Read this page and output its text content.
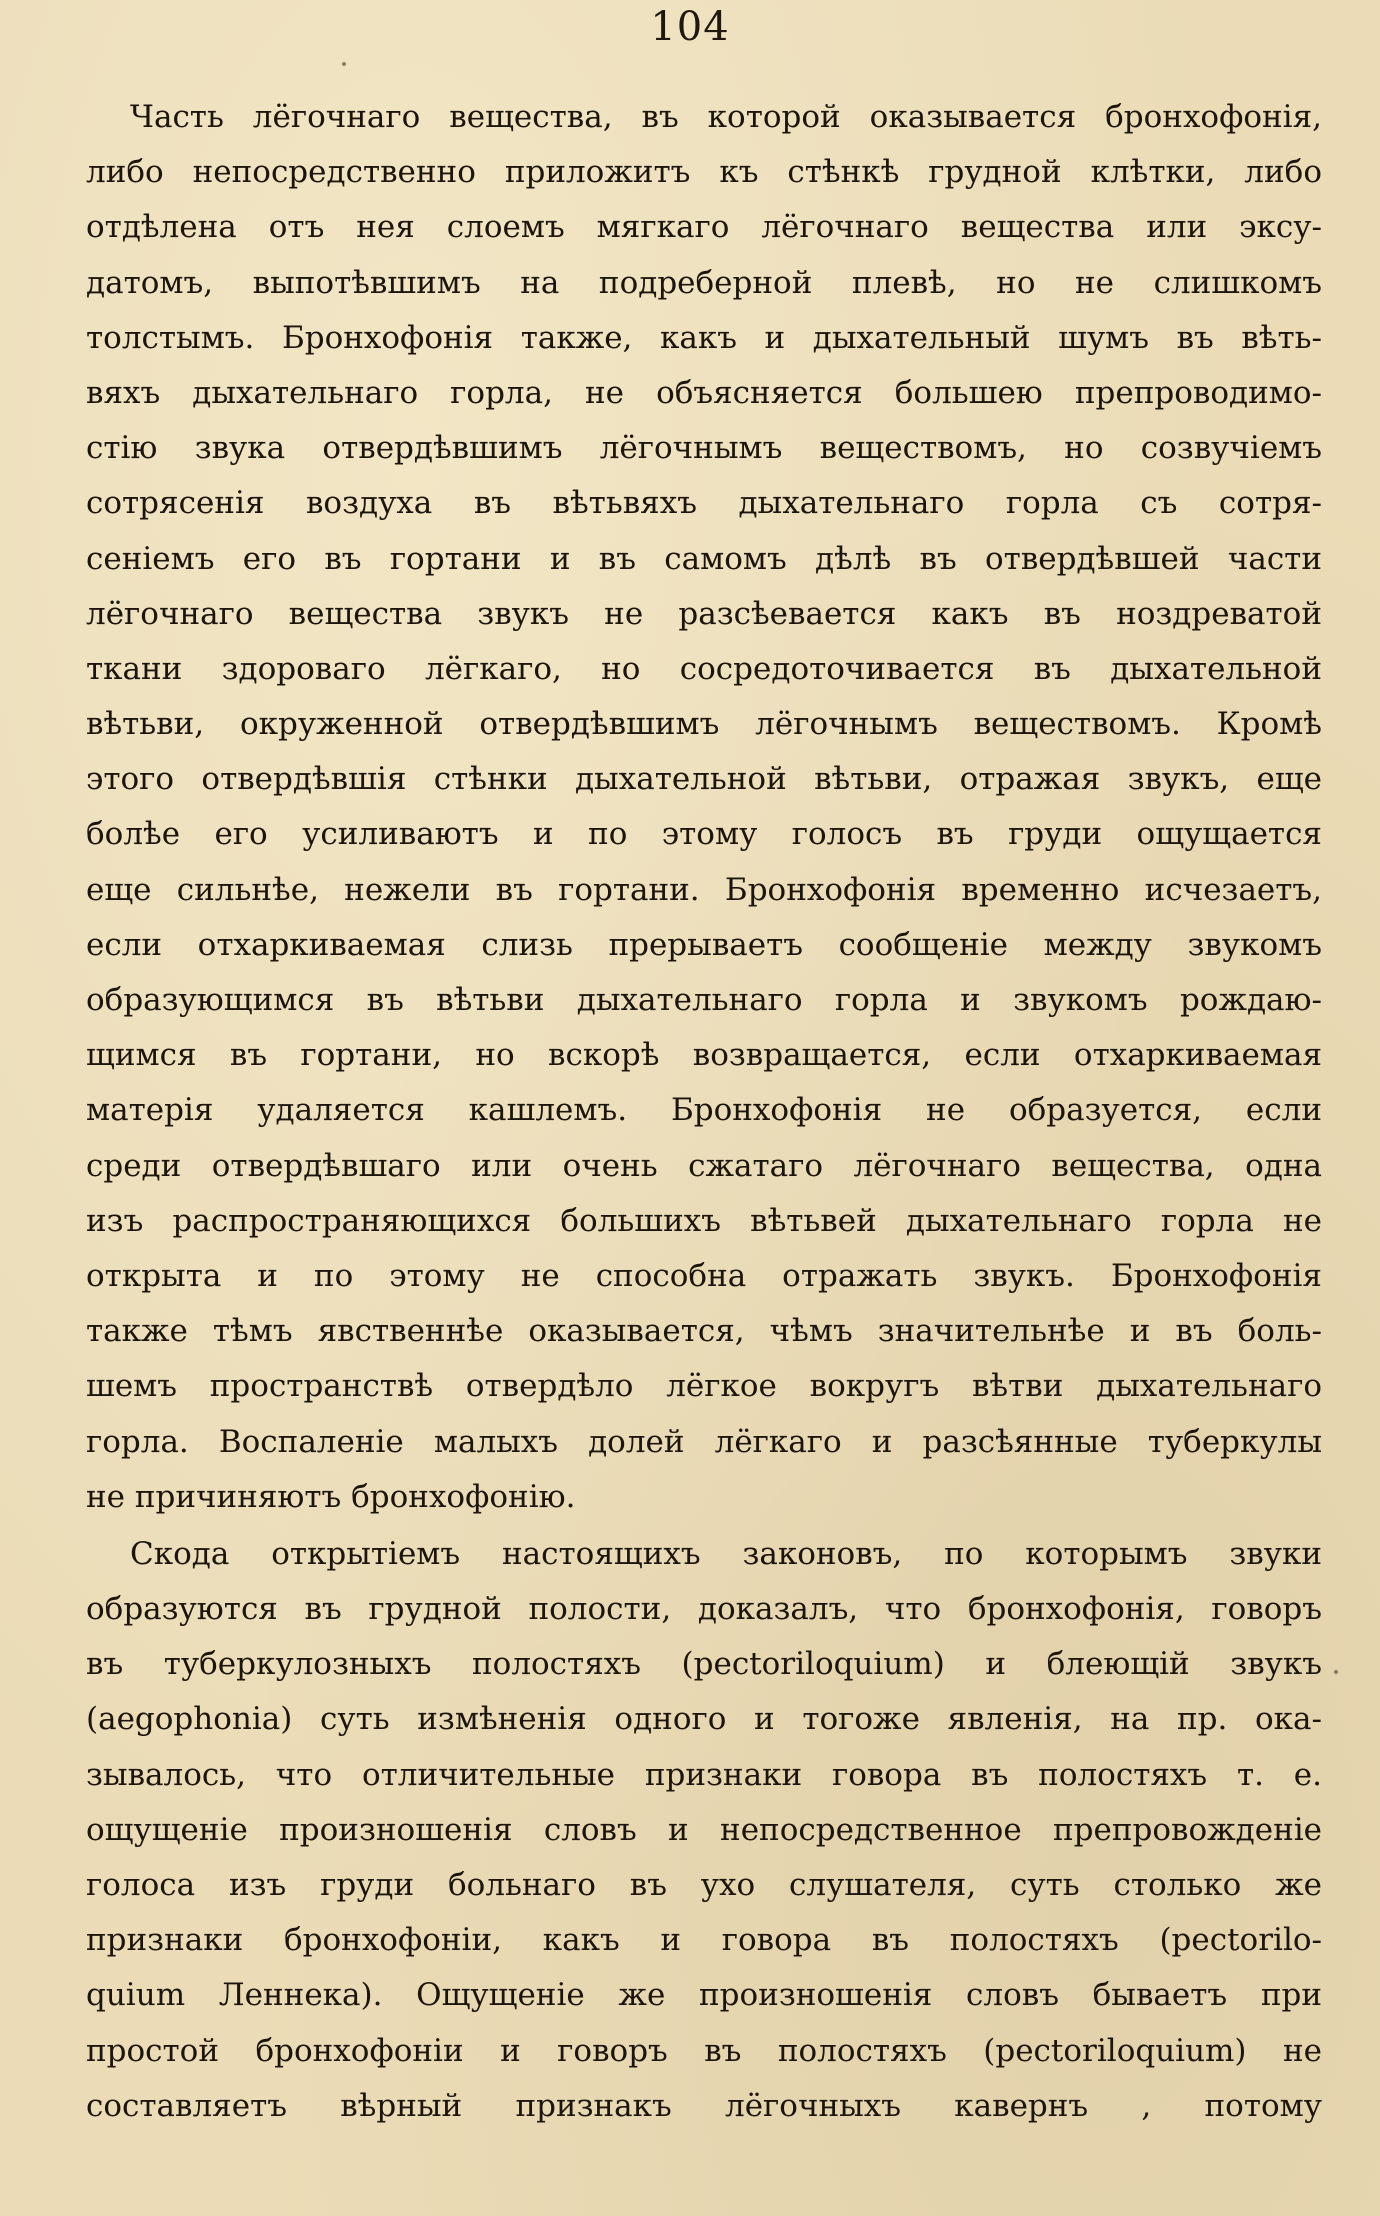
104
Часть лёгочнаго вещества, въ которой оказывается бронхофонія,
либо непосредственно приложитъ къ стѣнкѣ грудной клѣтки, либо
отдѣлена отъ нея слоемъ мягкаго лёгочнаго вещества или эксу-
датомъ, выпотѣвшимъ на подреберной плевѣ, но не слишкомъ
толстымъ. Бронхофонія также, какъ и дыхательный шумъ въ вѣть-
вяхъ дыхательнаго горла, не объясняется большею препроводимо-
стію звука отвердѣвшимъ лёгочнымъ веществомъ, но созвучіемъ
сотрясенія воздуха въ вѣтьвяхъ дыхательнаго горла съ сотря-
сеніемъ его въ гортани и въ самомъ дѣлѣ въ отвердѣвшей части
лёгочнаго вещества звукъ не разсѣевается какъ въ ноздреватой
ткани здороваго лёгкаго, но сосредоточивается въ дыхательной
вѣтьви, окруженной отвердѣвшимъ лёгочнымъ веществомъ. Кромѣ
этого отвердѣвшія стѣнки дыхательной вѣтьви, отражая звукъ, еще
болѣе его усиливаютъ и по этому голосъ въ груди ощущается
еще сильнѣе, нежели въ гортани. Бронхофонія временно исчезаетъ,
если отхаркиваемая слизь прерываетъ сообщеніе между звукомъ
образующимся въ вѣтьви дыхательнаго горла и звукомъ рождаю-
щимся въ гортани, но вскорѣ возвращается, если отхаркиваемая
матерія удаляется кашлемъ. Бронхофонія не образуется, если
среди отвердѣвшаго или очень сжатаго лёгочнаго вещества, одна
изъ распространяющихся большихъ вѣтьвей дыхательнаго горла не
открыта и по этому не способна отражать звукъ. Бронхофонія
также тѣмъ явственнѣе оказывается, чѣмъ значительнѣе и въ боль-
шемъ пространствѣ отвердѣло лёгкое вокругъ вѣтви дыхательнаго
горла. Воспаленіе малыхъ долей лёгкаго и разсѣянные туберкулы
не причиняютъ бронхофонію.
Скода открытіемъ настоящихъ законовъ, по которымъ звуки
образуются въ грудной полости, доказалъ, что бронхофонія, говоръ
въ туберкулозныхъ полостяхъ (pectoriloquium) и блеющій звукъ
(aegophonia) суть измѣненія одного и тогоже явленія, на пр. ока-
зывалось, что отличительные признаки говора въ полостяхъ т. е.
ощущеніе произношенія словъ и непосредственное препровожденіе
голоса изъ груди больнаго въ ухо слушателя, суть столько же
признаки бронхофоніи, какъ и говора въ полостяхъ (pectorilo-
quium Леннека). Ощущеніе же произношенія словъ бываетъ при
простой бронхофоніи и говоръ въ полостяхъ (pectoriloquium) не
составляетъ вѣрный признакъ лёгочныхъ кавернъ , потому
